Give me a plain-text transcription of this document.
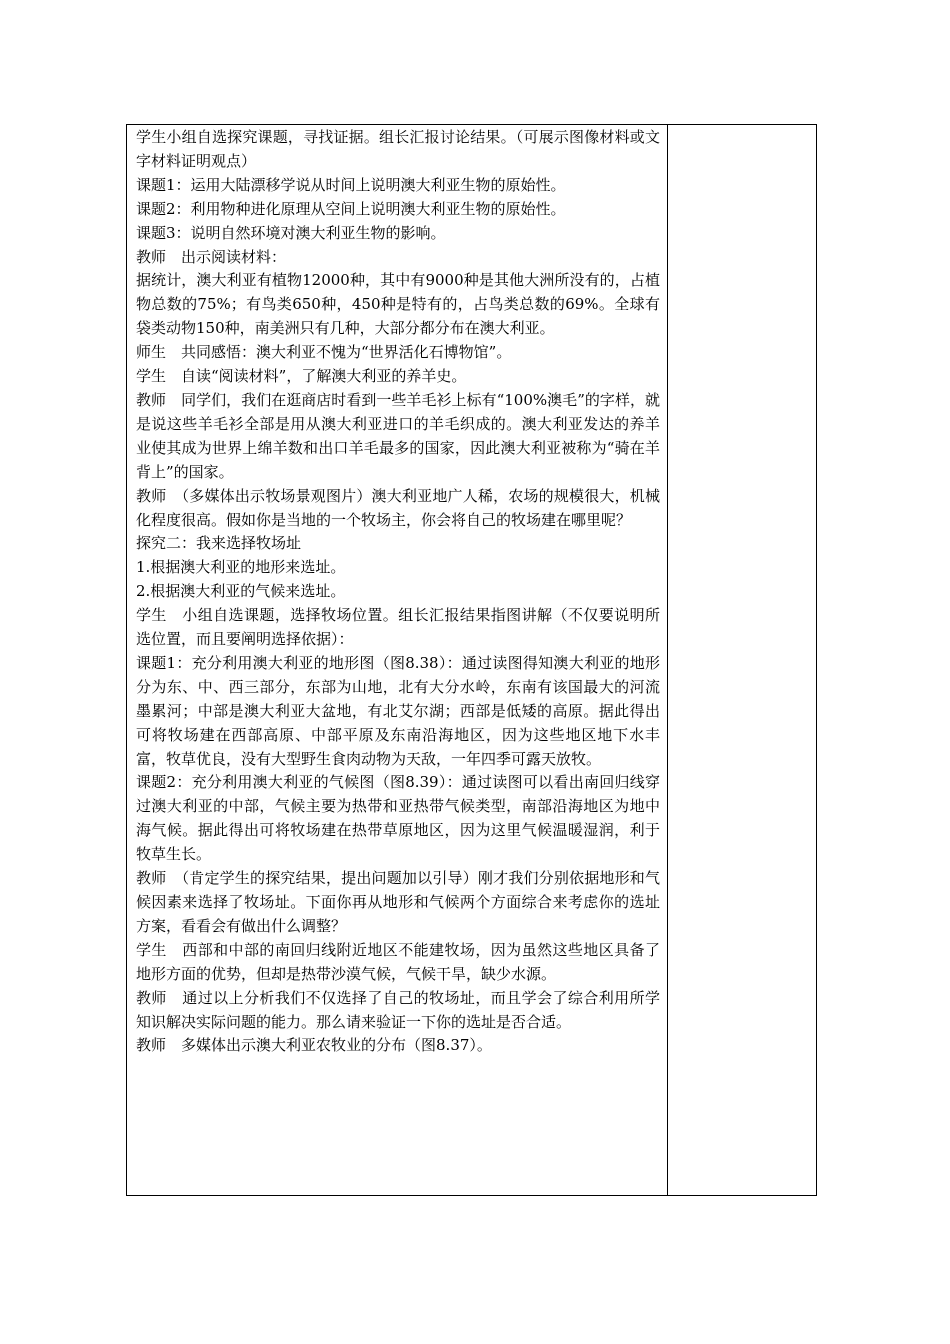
学生小组自选探究课题，寻找证据。组长汇报讨论结果。（可展示图像材料或文字材料证明观点）

课题1：运用大陆漂移学说从时间上说明澳大利亚生物的原始性。

课题2：利用物种进化原理从空间上说明澳大利亚生物的原始性。

课题3：说明自然环境对澳大利亚生物的影响。

教师　出示阅读材料：

据统计，澳大利亚有植物12000种，其中有9000种是其他大洲所没有的，占植物总数的75%；有鸟类650种，450种是特有的，占鸟类总数的69%。全球有袋类动物150种，南美洲只有几种，大部分都分布在澳大利亚。

师生　共同感悟：澳大利亚不愧为“世界活化石博物馆”。

学生　自读“阅读材料”，了解澳大利亚的养羊史。

教师　同学们，我们在逛商店时看到一些羊毛衫上标有“100%澳毛”的字样，就是说这些羊毛衫全部是用从澳大利亚进口的羊毛织成的。澳大利亚发达的养羊业使其成为世界上绵羊数和出口羊毛最多的国家，因此澳大利亚被称为“骑在羊背上”的国家。

教师　（多媒体出示牧场景观图片）澳大利亚地广人稀，农场的规模很大，机械化程度很高。假如你是当地的一个牧场主，你会将自己的牧场建在哪里呢？

探究二：我来选择牧场址

1.根据澳大利亚的地形来选址。

2.根据澳大利亚的气候来选址。

学生　小组自选课题，选择牧场位置。组长汇报结果指图讲解（不仅要说明所选位置，而且要阐明选择依据）：

课题1：充分利用澳大利亚的地形图（图8.38）：通过读图得知澳大利亚的地形分为东、中、西三部分，东部为山地，北有大分水岭，东南有该国最大的河流墨累河；中部是澳大利亚大盆地，有北艾尔湖；西部是低矮的高原。据此得出可将牧场建在西部高原、中部平原及东南沿海地区，因为这些地区地下水丰富，牧草优良，没有大型野生食肉动物为天敌，一年四季可露天放牧。

课题2：充分利用澳大利亚的气候图（图8.39）：通过读图可以看出南回归线穿过澳大利亚的中部，气候主要为热带和亚热带气候类型，南部沿海地区为地中海气候。据此得出可将牧场建在热带草原地区，因为这里气候温暖湿润，利于牧草生长。

教师　（肯定学生的探究结果，提出问题加以引导）刚才我们分别依据地形和气候因素来选择了牧场址。下面你再从地形和气候两个方面综合来考虑你的选址方案，看看会有做出什么调整？

学生　西部和中部的南回归线附近地区不能建牧场，因为虽然这些地区具备了地形方面的优势，但却是热带沙漠气候，气候干旱，缺少水源。

教师　通过以上分析我们不仅选择了自己的牧场址，而且学会了综合利用所学知识解决实际问题的能力。那么请来验证一下你的选址是否合适。

教师　多媒体出示澳大利亚农牧业的分布（图8.37）。
